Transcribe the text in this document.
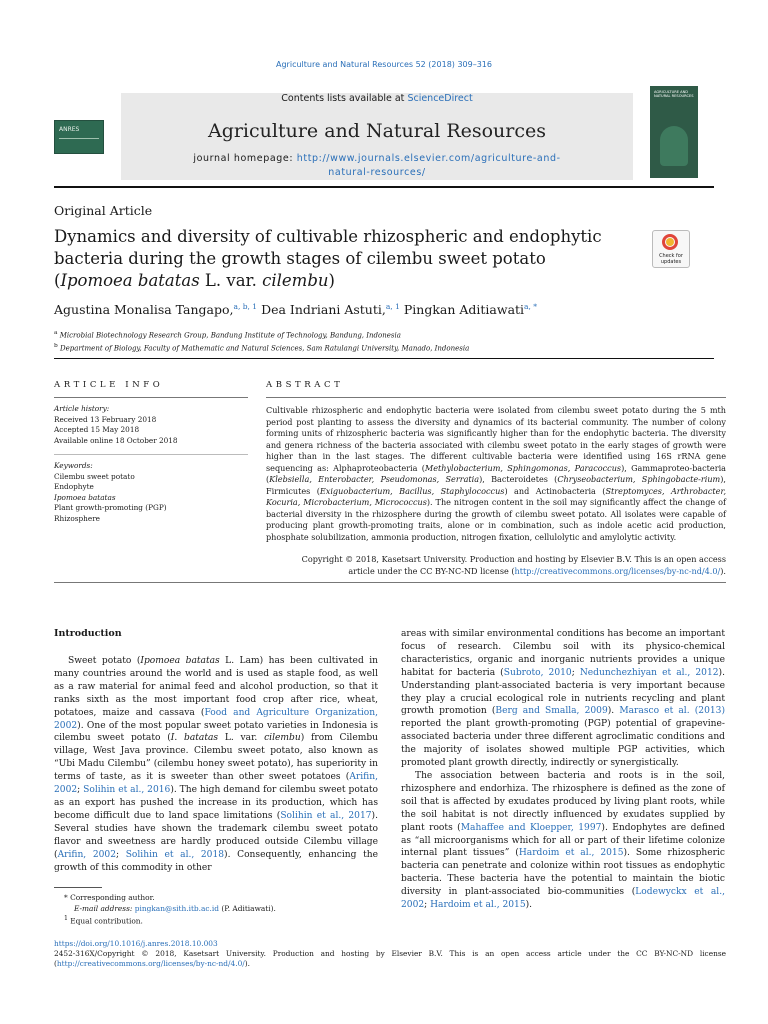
Agriculture and Natural Resources 52 (2018) 309–316
Contents lists available at ScienceDirect
Agriculture and Natural Resources
journal homepage: http://www.journals.elsevier.com/agriculture-and-
natural-resources/
ANRES
AGRICULTURE AND NATURAL RESOURCES
Original Article
Dynamics and diversity of cultivable rhizospheric and endophytic
bacteria during the growth stages of cilembu sweet potato
(Ipomoea batatas L. var. cilembu)
Check for
updates
Agustina Monalisa Tangapo,$^{a, b, 1}$ Dea Indriani Astuti,$^{a, 1}$ Pingkan Aditiawati$^{a, *}$
$^a$ Microbial Biotechnology Research Group, Bandung Institute of Technology, Bandung, Indonesia
$^b$ Department of Biology, Faculty of Mathematic and Natural Sciences, Sam Ratulangi University, Manado, Indonesia
ARTICLE INFO	ABSTRACT
Article history:
Received 13 February 2018
Accepted 15 May 2018
Available online 18 October 2018
Keywords:
Cilembu sweet potato
Endophyte
Ipomoea batatas
Plant growth-promoting (PGP)
Rhizosphere
Cultivable rhizospheric and endophytic bacteria were isolated from cilembu sweet potato during the 5 mth period post planting to assess the diversity and dynamics of its bacterial community. The number of colony forming units of rhizospheric bacteria was significantly higher than for the endophytic bacteria. The diversity and genera richness of the bacteria associated with cilembu sweet potato in the early stages of growth were higher than in the last stages. The different cultivable bacteria were identified using 16S rRNA gene sequencing as: Alphaproteobacteria (Methylobacterium, Sphingomonas, Paracoccus), Gammaproteo-bacteria (Klebsiella, Enterobacter, Pseudomonas, Serratia), Bacteroidetes (Chryseobacterium, Sphingobacte-rium), Firmicutes (Exiguobacterium, Bacillus, Staphylococcus) and Actinobacteria (Streptomyces, Arthrobacter, Kocuria, Microbacterium, Micrococcus). The nitrogen content in the soil may significantly affect the change of bacterial diversity in the rhizosphere during the growth of cilembu sweet potato. All isolates were capable of producing plant growth-promoting traits, alone or in combination, such as indole acetic acid production, phosphate solubilization, ammonia production, nitrogen fixation, cellulolytic and amylolytic activity.
Copyright © 2018, Kasetsart University. Production and hosting by Elsevier B.V. This is an open access
article under the CC BY-NC-ND license (http://creativecommons.org/licenses/by-nc-nd/4.0/).
Introduction

Sweet potato (Ipomoea batatas L. Lam) has been cultivated in many countries around the world and is used as staple food, as well as a raw material for animal feed and alcohol production, so that it ranks sixth as the most important food crop after rice, wheat, potatoes, maize and cassava (Food and Agriculture Organization, 2002). One of the most popular sweet potato varieties in Indonesia is cilembu sweet potato (I. batatas L. var. cilembu) from Cilembu village, West Java province. Cilembu sweet potato, also known as “Ubi Madu Cilembu” (cilembu honey sweet potato), has superiority in terms of taste, as it is sweeter than other sweet potatoes (Arifin, 2002; Solihin et al., 2016). The high demand for cilembu sweet potato as an export has pushed the increase in its production, which has become difficult due to land space limitations (Solihin et al., 2017). Several studies have shown the trademark cilembu sweet potato flavor and sweetness are hardly produced outside Cilembu village (Arifin, 2002; Solihin et al., 2018). Consequently, enhancing the growth of this commodity in other

areas with similar environmental conditions has become an important focus of research. Cilembu soil with its physico-chemical characteristics, organic and inorganic nutrients provides a unique habitat for bacteria (Subroto, 2010; Nedunchezhiyan et al., 2012). Understanding plant-associated bacteria is very important because they play a crucial ecological role in nutrients recycling and plant growth promotion (Berg and Smalla, 2009). Marasco et al. (2013) reported the plant growth-promoting (PGP) potential of grapevine-associated bacteria under three different agroclimatic conditions and the majority of isolates showed multiple PGP activities, which promoted plant growth directly, indirectly or synergistically.

The association between bacteria and roots is in the soil, rhizosphere and endorhiza. The rhizosphere is defined as the zone of soil that is affected by exudates produced by living plant roots, while the soil habitat is not directly influenced by exudates supplied by plant roots (Mahaffee and Kloepper, 1997). Endophytes are defined as “all microorganisms which for all or part of their lifetime colonize internal plant tissues” (Hardoim et al., 2015). Some rhizospheric bacteria can penetrate and colonize within root tissues as endophytic bacteria. These bacteria have the potential to maintain the biotic diversity in plant-associated bio-communities (Lodewyckx et al., 2002; Hardoim et al., 2015).

* Corresponding author.
E-mail address: pingkan@sith.itb.ac.id (P. Aditiawati).
$^1$ Equal contribution.
https://doi.org/10.1016/j.anres.2018.10.003
2452-316X/Copyright © 2018, Kasetsart University. Production and hosting by Elsevier B.V. This is an open access article under the CC BY-NC-ND license (http://creativecommons.org/licenses/by-nc-nd/4.0/).
